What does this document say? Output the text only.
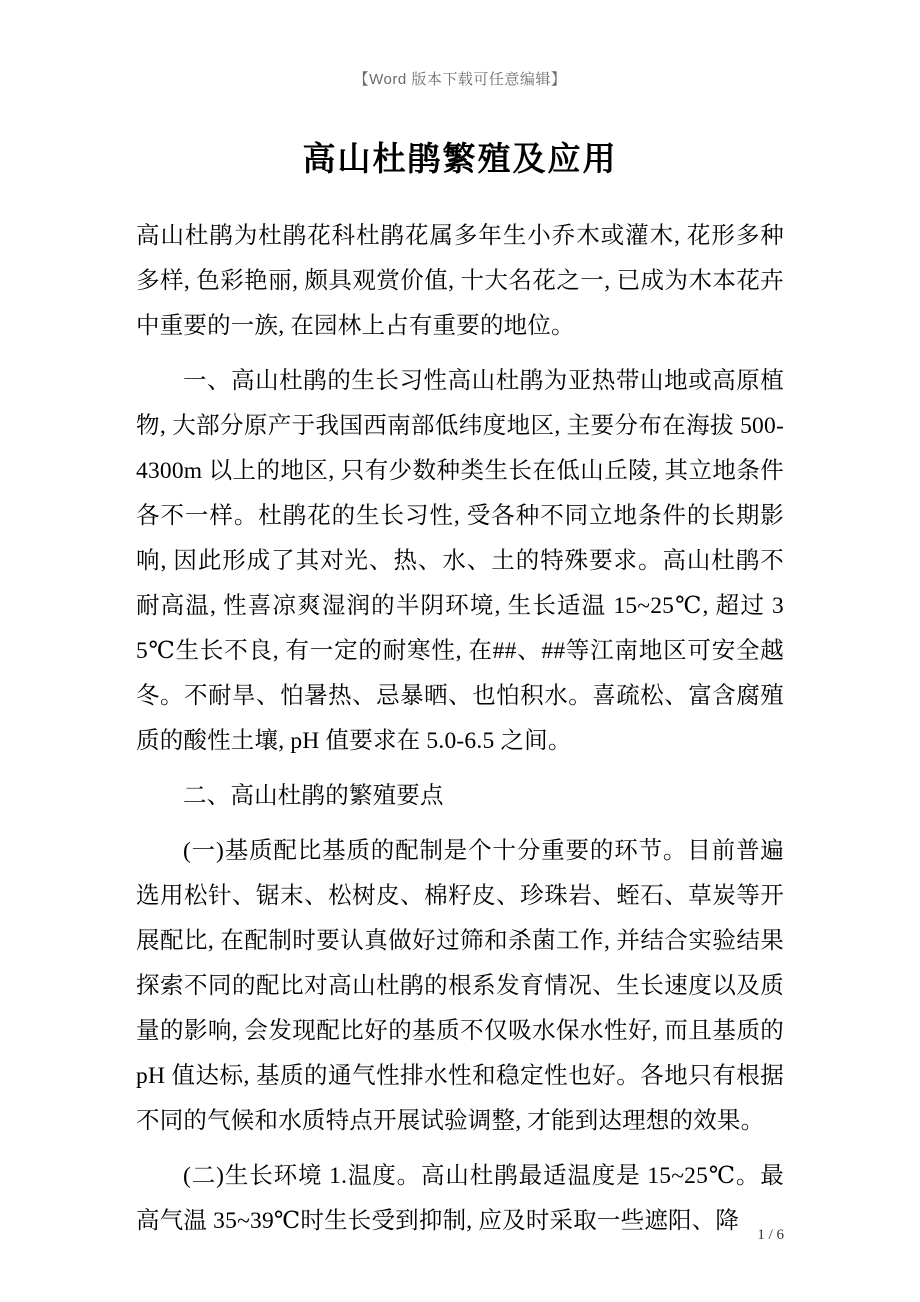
【Word 版本下载可任意编辑】
高山杜鹃繁殖及应用

高山杜鹃为杜鹃花科杜鹃花属多年生小乔木或灌木, 花形多种多样, 色彩艳丽, 颇具观赏价值, 十大名花之一, 已成为木本花卉中重要的一族, 在园林上占有重要的地位。

一、高山杜鹃的生长习性高山杜鹃为亚热带山地或高原植物, 大部分原产于我国西南部低纬度地区, 主要分布在海拔 500-4300m 以上的地区, 只有少数种类生长在低山丘陵, 其立地条件各不一样。杜鹃花的生长习性, 受各种不同立地条件的长期影响, 因此形成了其对光、热、水、土的特殊要求。高山杜鹃不耐高温, 性喜凉爽湿润的半阴环境, 生长适温 15~25℃, 超过 35℃生长不良, 有一定的耐寒性, 在##、##等江南地区可安全越冬。不耐旱、怕暑热、忌暴晒、也怕积水。喜疏松、富含腐殖质的酸性土壤, pH 值要求在 5.0-6.5 之间。

二、高山杜鹃的繁殖要点

(一)基质配比基质的配制是个十分重要的环节。目前普遍选用松针、锯末、松树皮、棉籽皮、珍珠岩、蛭石、草炭等开展配比, 在配制时要认真做好过筛和杀菌工作, 并结合实验结果探索不同的配比对高山杜鹃的根系发育情况、生长速度以及质量的影响, 会发现配比好的基质不仅吸水保水性好, 而且基质的 pH 值达标, 基质的通气性排水性和稳定性也好。各地只有根据不同的气候和水质特点开展试验调整, 才能到达理想的效果。

(二)生长环境 1.温度。高山杜鹃最适温度是 15~25℃。最高气温 35~39℃时生长受到抑制, 应及时采取一些遮阳、降

1 / 6
